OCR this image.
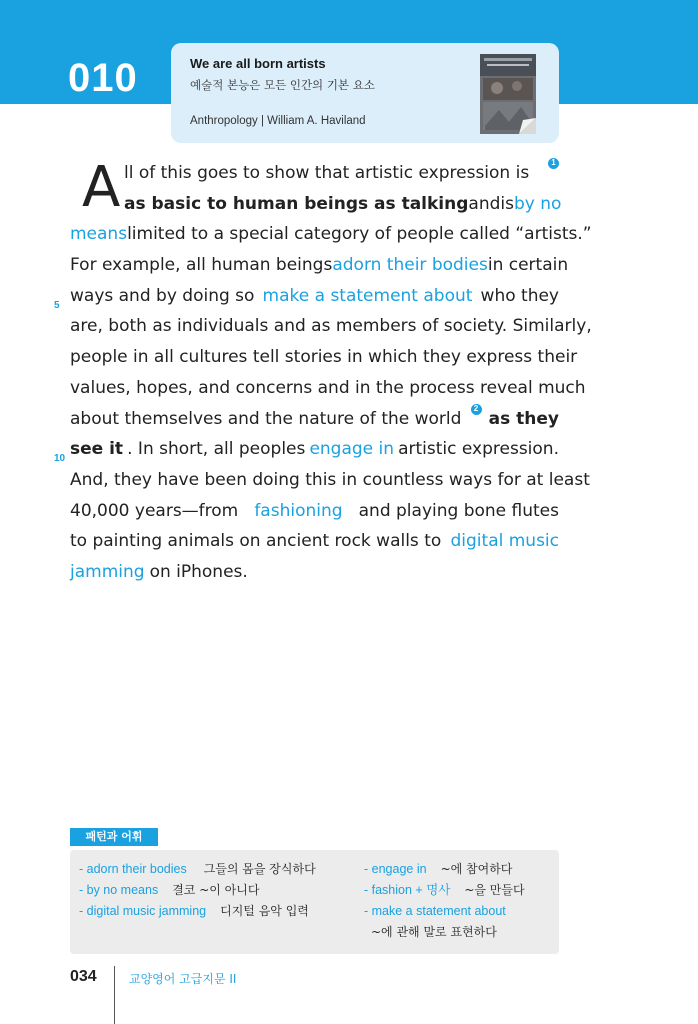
010	We are all born artists
예술적 본능은 모든 인간의 기본 요소
Anthropology | William A. Haviland
A ll of this goes to show that artistic expression is
1
as basic to human beings as talking and is by no
means limited to a special category of people called “artists.”
For example, all human beings adorn their bodies in certain
ways and by doing so make a statement about who they
5
are, both as individuals and as members of society. Similarly,
people in all cultures tell stories in which they express their
values, hopes, and concerns and in the process reveal much
about themselves and the nature of the world
2
as they
see it . In short, all peoples engage in artistic expression.
10
And, they have been doing this in countless ways for at least
40,000 years—from fashioning and playing bone flutes
to painting animals on ancient rock walls to digital music
jamming on iPhones.
패턴과 어휘
- adorn their bodies 그들의 몸을 장식하다
- by no means 결코 ~이 아니다
- digital music jamming 디지털 음악 입력
- engage in ~에 참여하다
- fashion + 명사 ~을 만들다
- make a statement about
~에 관해 말로 표현하다
034	교양영어 고급지문 II
